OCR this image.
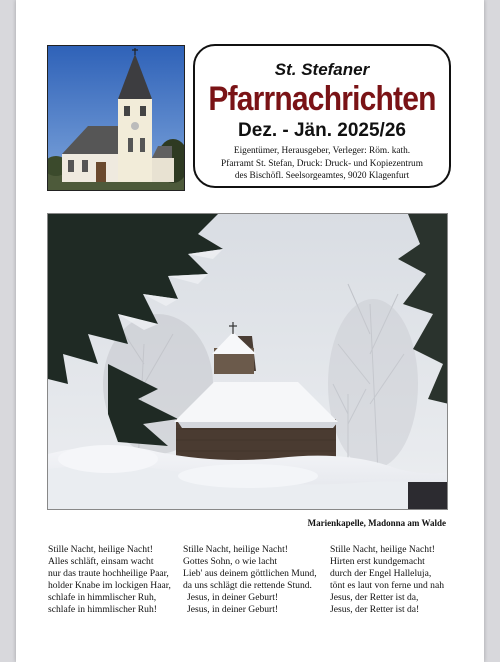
St. Stefaner
Pfarrnachrichten
Dez. - Jän. 2025/26
Eigentümer, Herausgeber, Verleger: Röm. kath.
Pfarramt St. Stefan, Druck: Druck- und Kopiezentrum
des Bischöfl. Seelsorgeamtes, 9020 Klagenfurt
Marienkapelle, Madonna am Walde
Stille Nacht, heilige Nacht!
Alles schläft, einsam wacht
nur das traute hochheilige Paar,
holder Knabe im lockigen Haar,
schlafe in himmlischer Ruh,
schlafe in himmlischer Ruh!
Stille Nacht, heilige Nacht!
Gottes Sohn, o wie lacht
Lieb' aus deinem göttlichen Mund,
da uns schlägt die rettende Stund.
Jesus, in deiner Geburt!
Jesus, in deiner Geburt!
Stille Nacht, heilige Nacht!
Hirten erst kundgemacht
durch der Engel Halleluja,
tönt es laut von ferne und nah
Jesus, der Retter ist da,
Jesus, der Retter ist da!
